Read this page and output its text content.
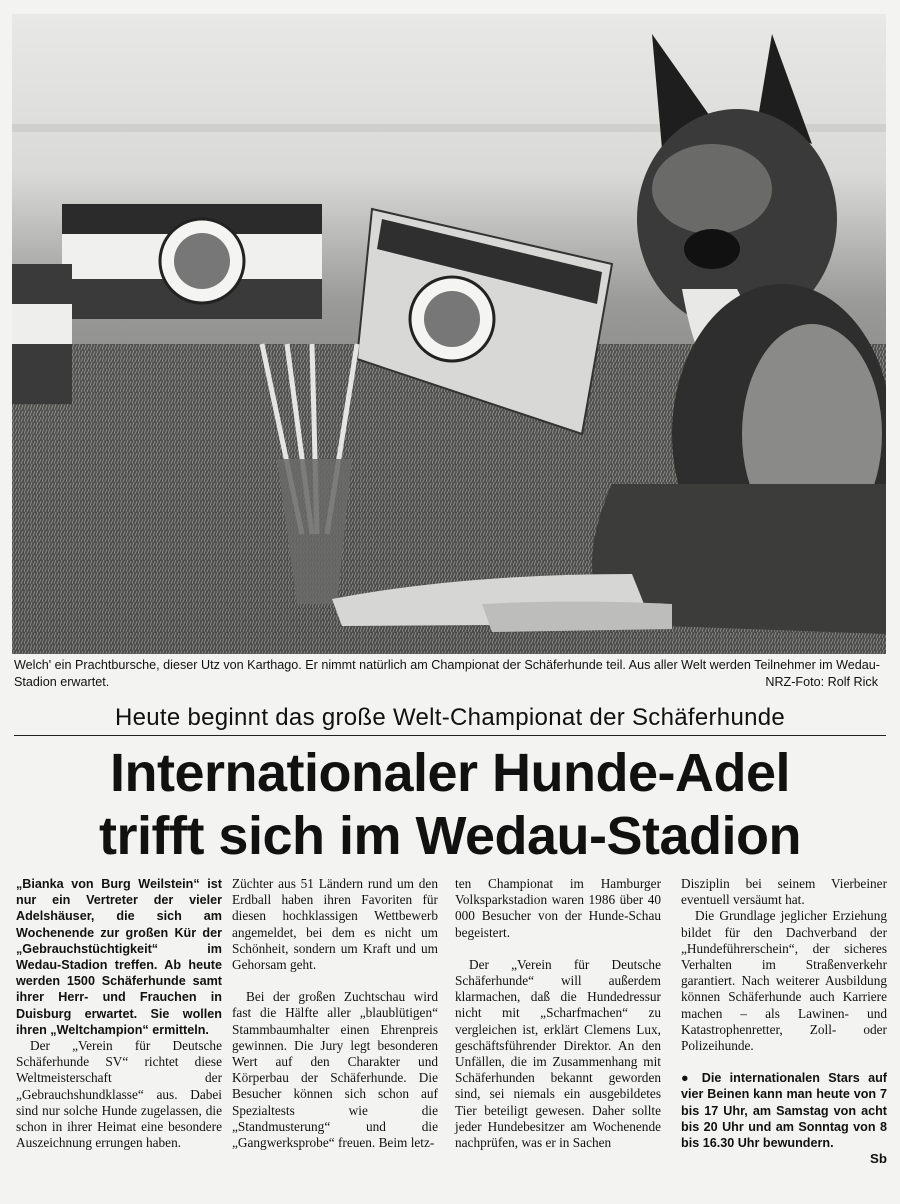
Welch' ein Prachtbursche, dieser Utz von Karthago. Er nimmt natürlich am Championat der Schäferhunde teil. Aus aller Welt werden Teilnehmer im Wedau-Stadion erwartet.	NRZ-Foto: Rolf Rick
Heute beginnt das große Welt-Championat der Schäferhunde
Internationaler Hunde-Adel
trifft sich im Wedau-Stadion

„Bianka von Burg Weilstein“ ist nur ein Vertreter der vieler Adelshäuser, die sich am Wochenende zur großen Kür der „Gebrauchstüchtigkeit“ im Wedau-Stadion treffen. Ab heute werden 1500 Schäferhunde samt ihrer Herr- und Frauchen in Duisburg erwartet. Sie wollen ihren „Weltchampion“ ermitteln.

Der „Verein für Deutsche Schäferhunde SV“ richtet diese Weltmeisterschaft der „Gebrauchshundklasse“ aus. Dabei sind nur solche Hunde zugelassen, die schon in ihrer Heimat eine besondere Auszeichnung errungen haben.

Züchter aus 51 Ländern rund um den Erdball haben ihren Favoriten für diesen hochklassigen Wettbewerb angemeldet, bei dem es nicht um Schönheit, sondern um Kraft und um Gehorsam geht.

Bei der großen Zuchtschau wird fast die Hälfte aller „blaublütigen“ Stammbaumhalter einen Ehrenpreis gewinnen. Die Jury legt besonderen Wert auf den Charakter und Körperbau der Schäferhunde. Die Besucher können sich schon auf Spezialtests wie die „Standmusterung“ und die „Gangwerksprobe“ freuen. Beim letz-

ten Championat im Hamburger Volksparkstadion waren 1986 über 40 000 Besucher von der Hunde-Schau begeistert.

Der „Verein für Deutsche Schäferhunde“ will außerdem klarmachen, daß die Hundedressur nicht mit „Scharfmachen“ zu vergleichen ist, erklärt Clemens Lux, geschäftsführender Direktor. An den Unfällen, die im Zusammenhang mit Schäferhunden bekannt geworden sind, sei niemals ein ausgebildetes Tier beteiligt gewesen. Daher sollte jeder Hundebesitzer am Wochenende nachprüfen, was er in Sachen

Disziplin bei seinem Vierbeiner eventuell versäumt hat.

Die Grundlage jeglicher Erziehung bildet für den Dachverband der „Hundeführerschein“, der sicheres Verhalten im Straßenverkehr garantiert. Nach weiterer Ausbildung können Schäferhunde auch Karriere machen – als Lawinen- und Katastrophenretter, Zoll- oder Polizeihunde.

● Die internationalen Stars auf vier Beinen kann man heute von 7 bis 17 Uhr, am Samstag von acht bis 20 Uhr und am Sonntag von 8 bis 16.30 Uhr bewundern.

Sb
